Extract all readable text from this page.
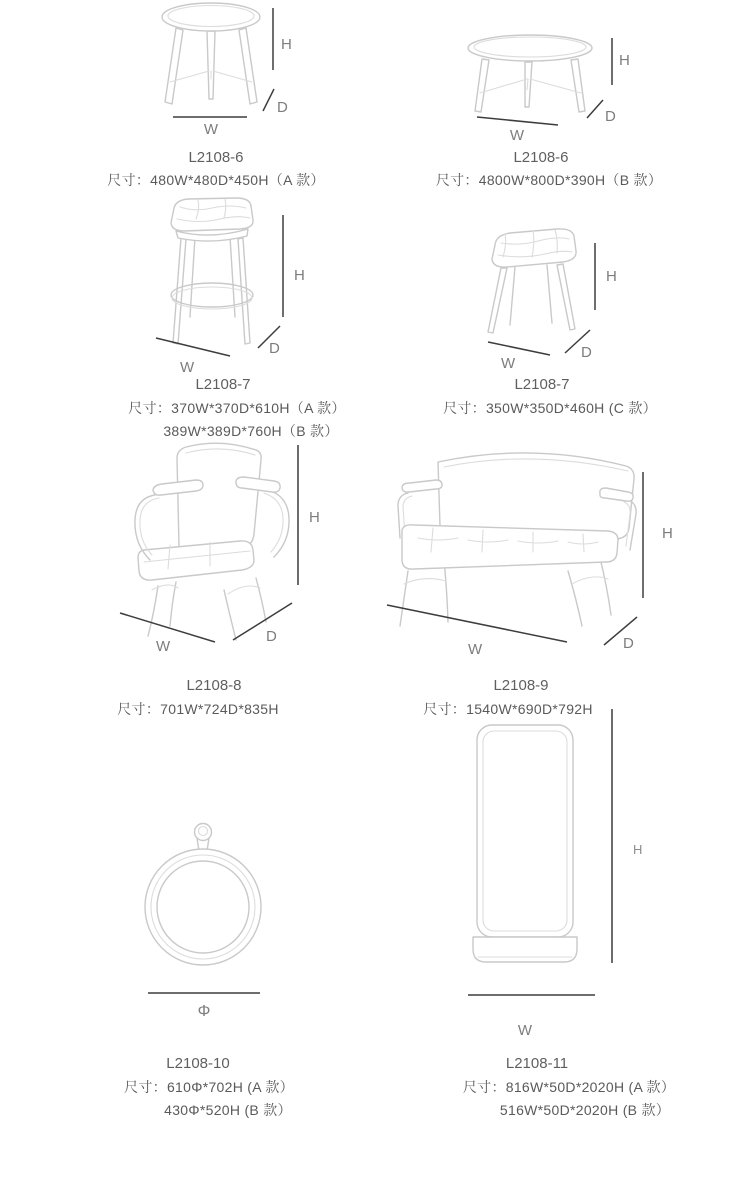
H
D
W
L2108-6
尺寸：480W*480D*450H（A 款）
H
D
W
L2108-6
尺寸：4800W*800D*390H（B 款）
H
D
W
L2108-7
尺寸：370W*370D*610H（A 款）
389W*389D*760H（B 款）
H
D
W
L2108-7
尺寸：350W*350D*460H (C 款）
H
W
D
L2108-8
尺寸：701W*724D*835H
H
W	D
L2108-9
尺寸：1540W*690D*792H
Φ
L2108-10
尺寸：610Φ*702H (A 款）
430Φ*520H (B 款）
H
W
L2108-11
尺寸：816W*50D*2020H (A 款）
516W*50D*2020H (B 款）
